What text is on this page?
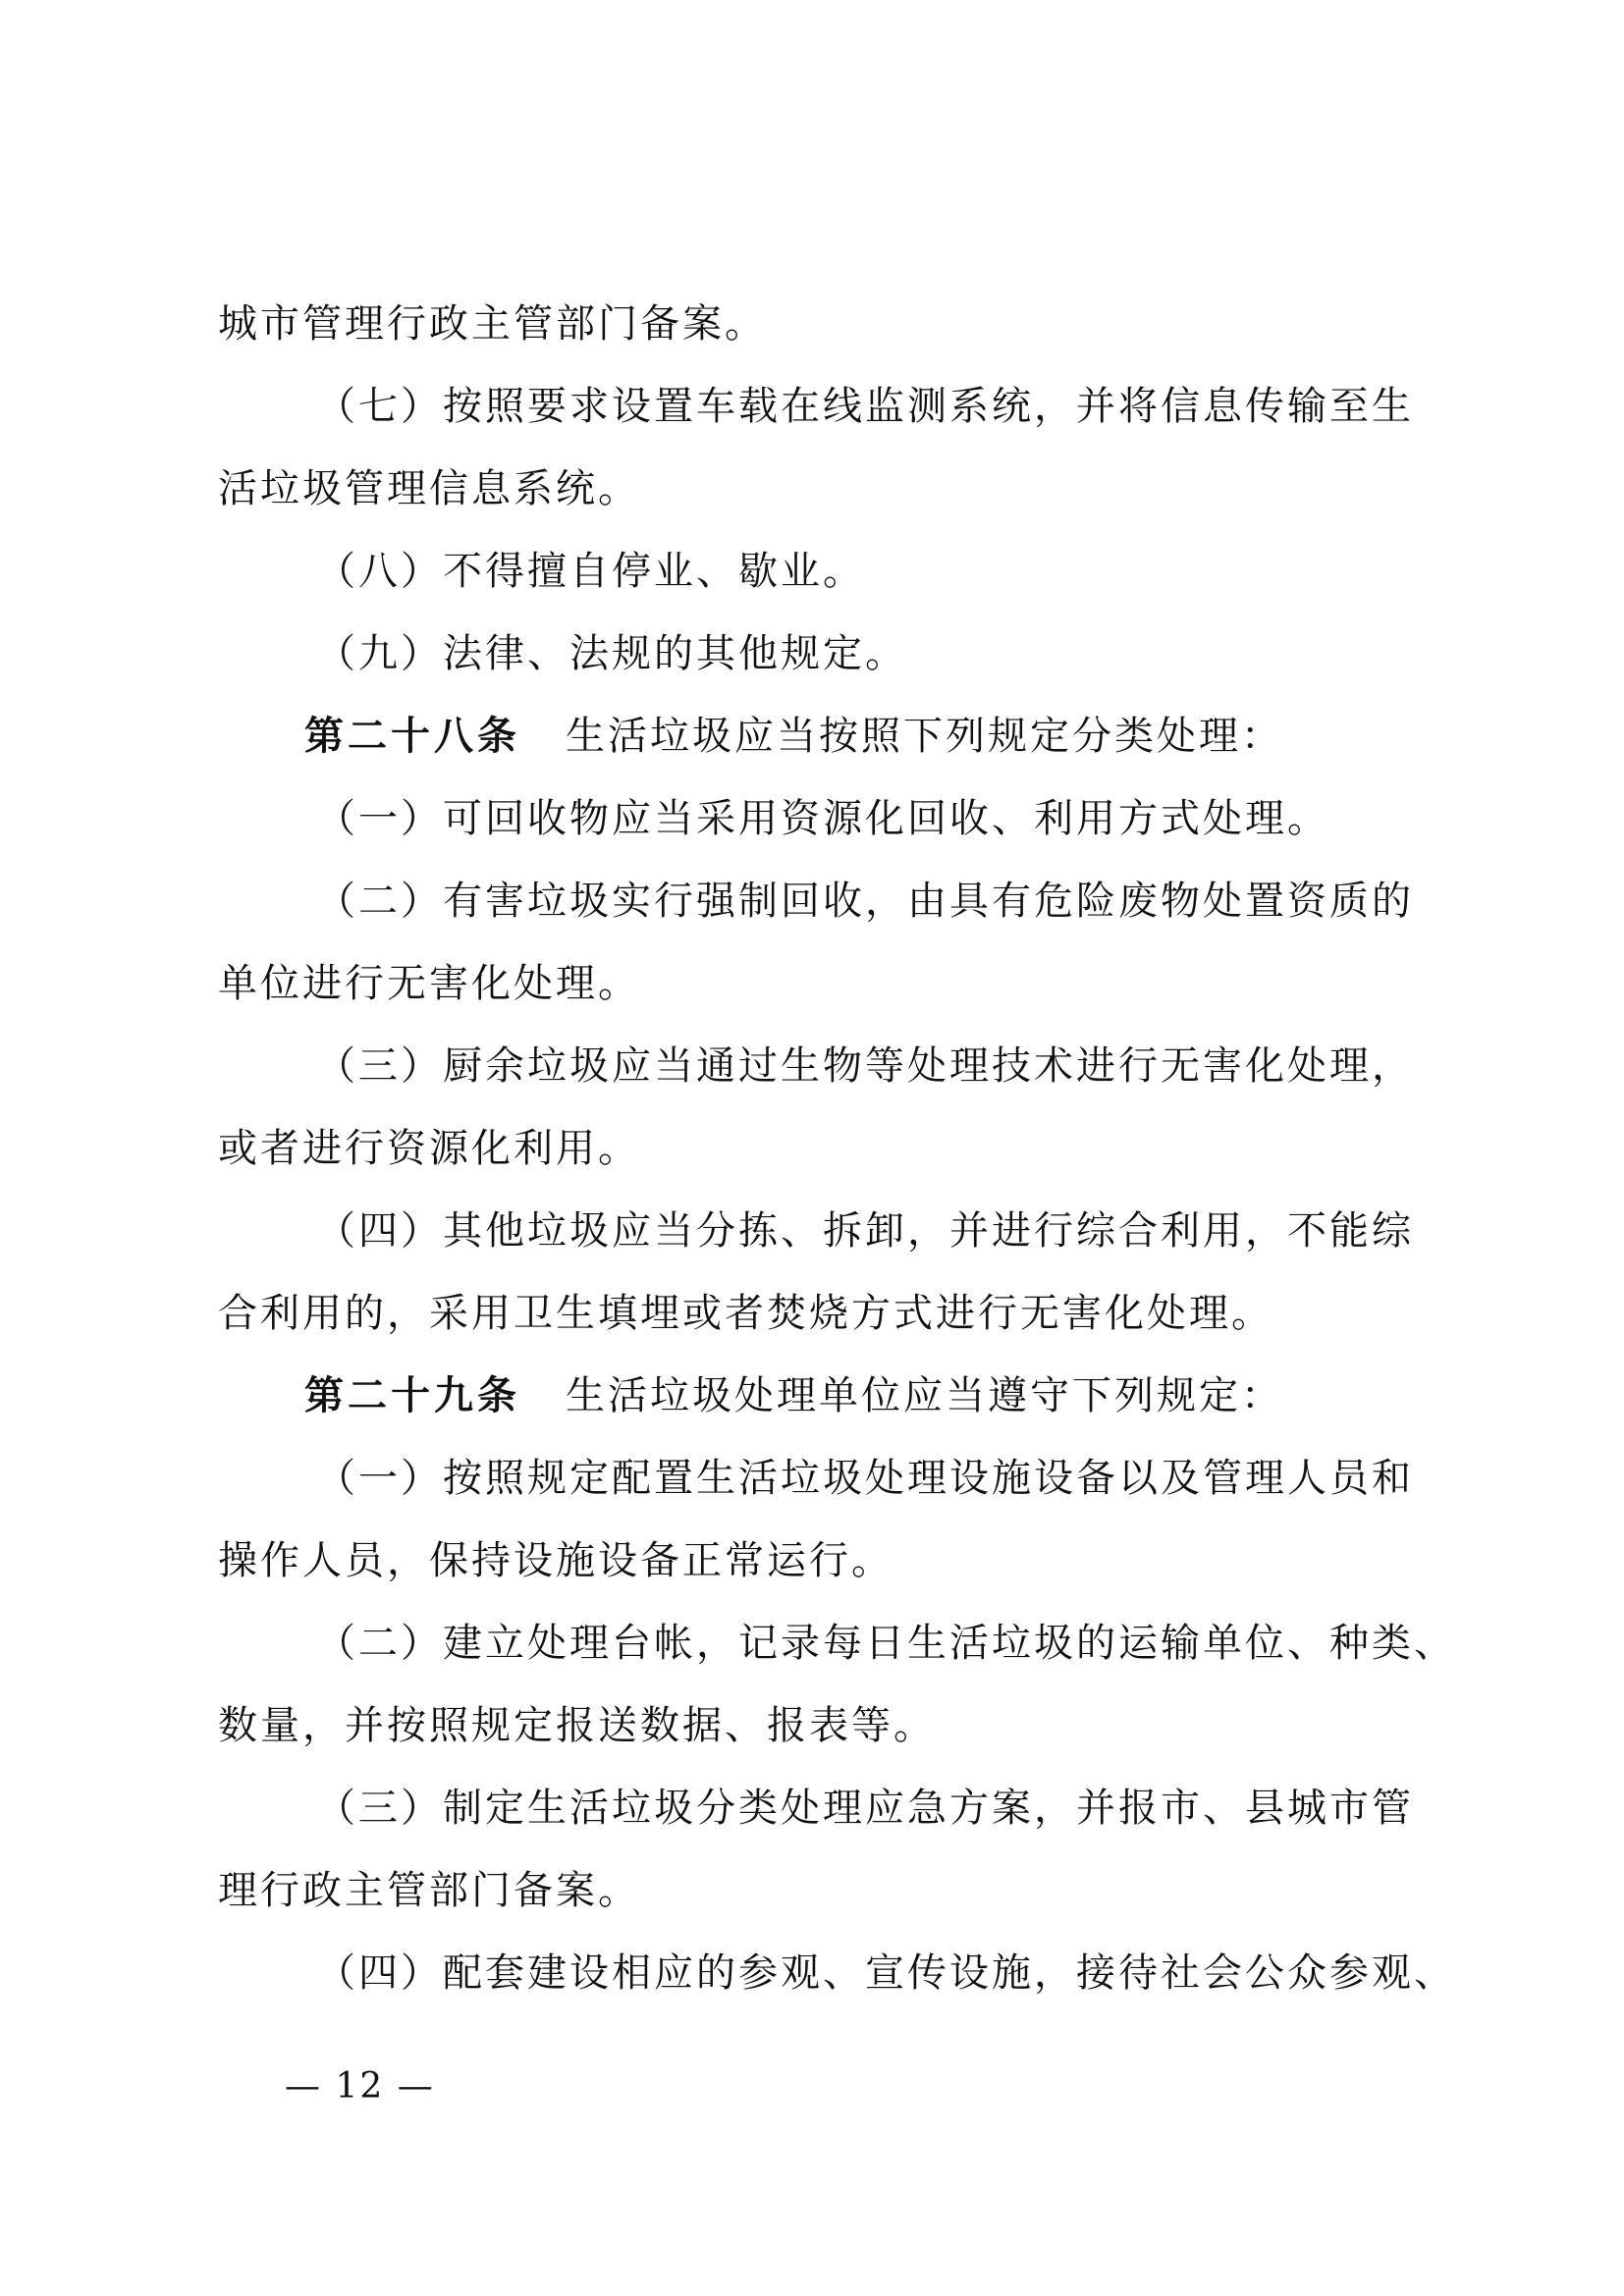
城市管理行政主管部门备案。
（七）按照要求设置车载在线监测系统，并将信息传输至生
活垃圾管理信息系统。
（八）不得擅自停业、歇业。
（九）法律、法规的其他规定。
第二十八条 生活垃圾应当按照下列规定分类处理：
（一）可回收物应当采用资源化回收、利用方式处理。
（二）有害垃圾实行强制回收，由具有危险废物处置资质的
单位进行无害化处理。
（三）厨余垃圾应当通过生物等处理技术进行无害化处理，
或者进行资源化利用。
（四）其他垃圾应当分拣、拆卸，并进行综合利用，不能综
合利用的，采用卫生填埋或者焚烧方式进行无害化处理。
第二十九条 生活垃圾处理单位应当遵守下列规定：
（一）按照规定配置生活垃圾处理设施设备以及管理人员和
操作人员，保持设施设备正常运行。
（二）建立处理台帐，记录每日生活垃圾的运输单位、种类、
数量，并按照规定报送数据、报表等。
（三）制定生活垃圾分类处理应急方案，并报市、县城市管
理行政主管部门备案。
（四）配套建设相应的参观、宣传设施，接待社会公众参观、
— 12 —
